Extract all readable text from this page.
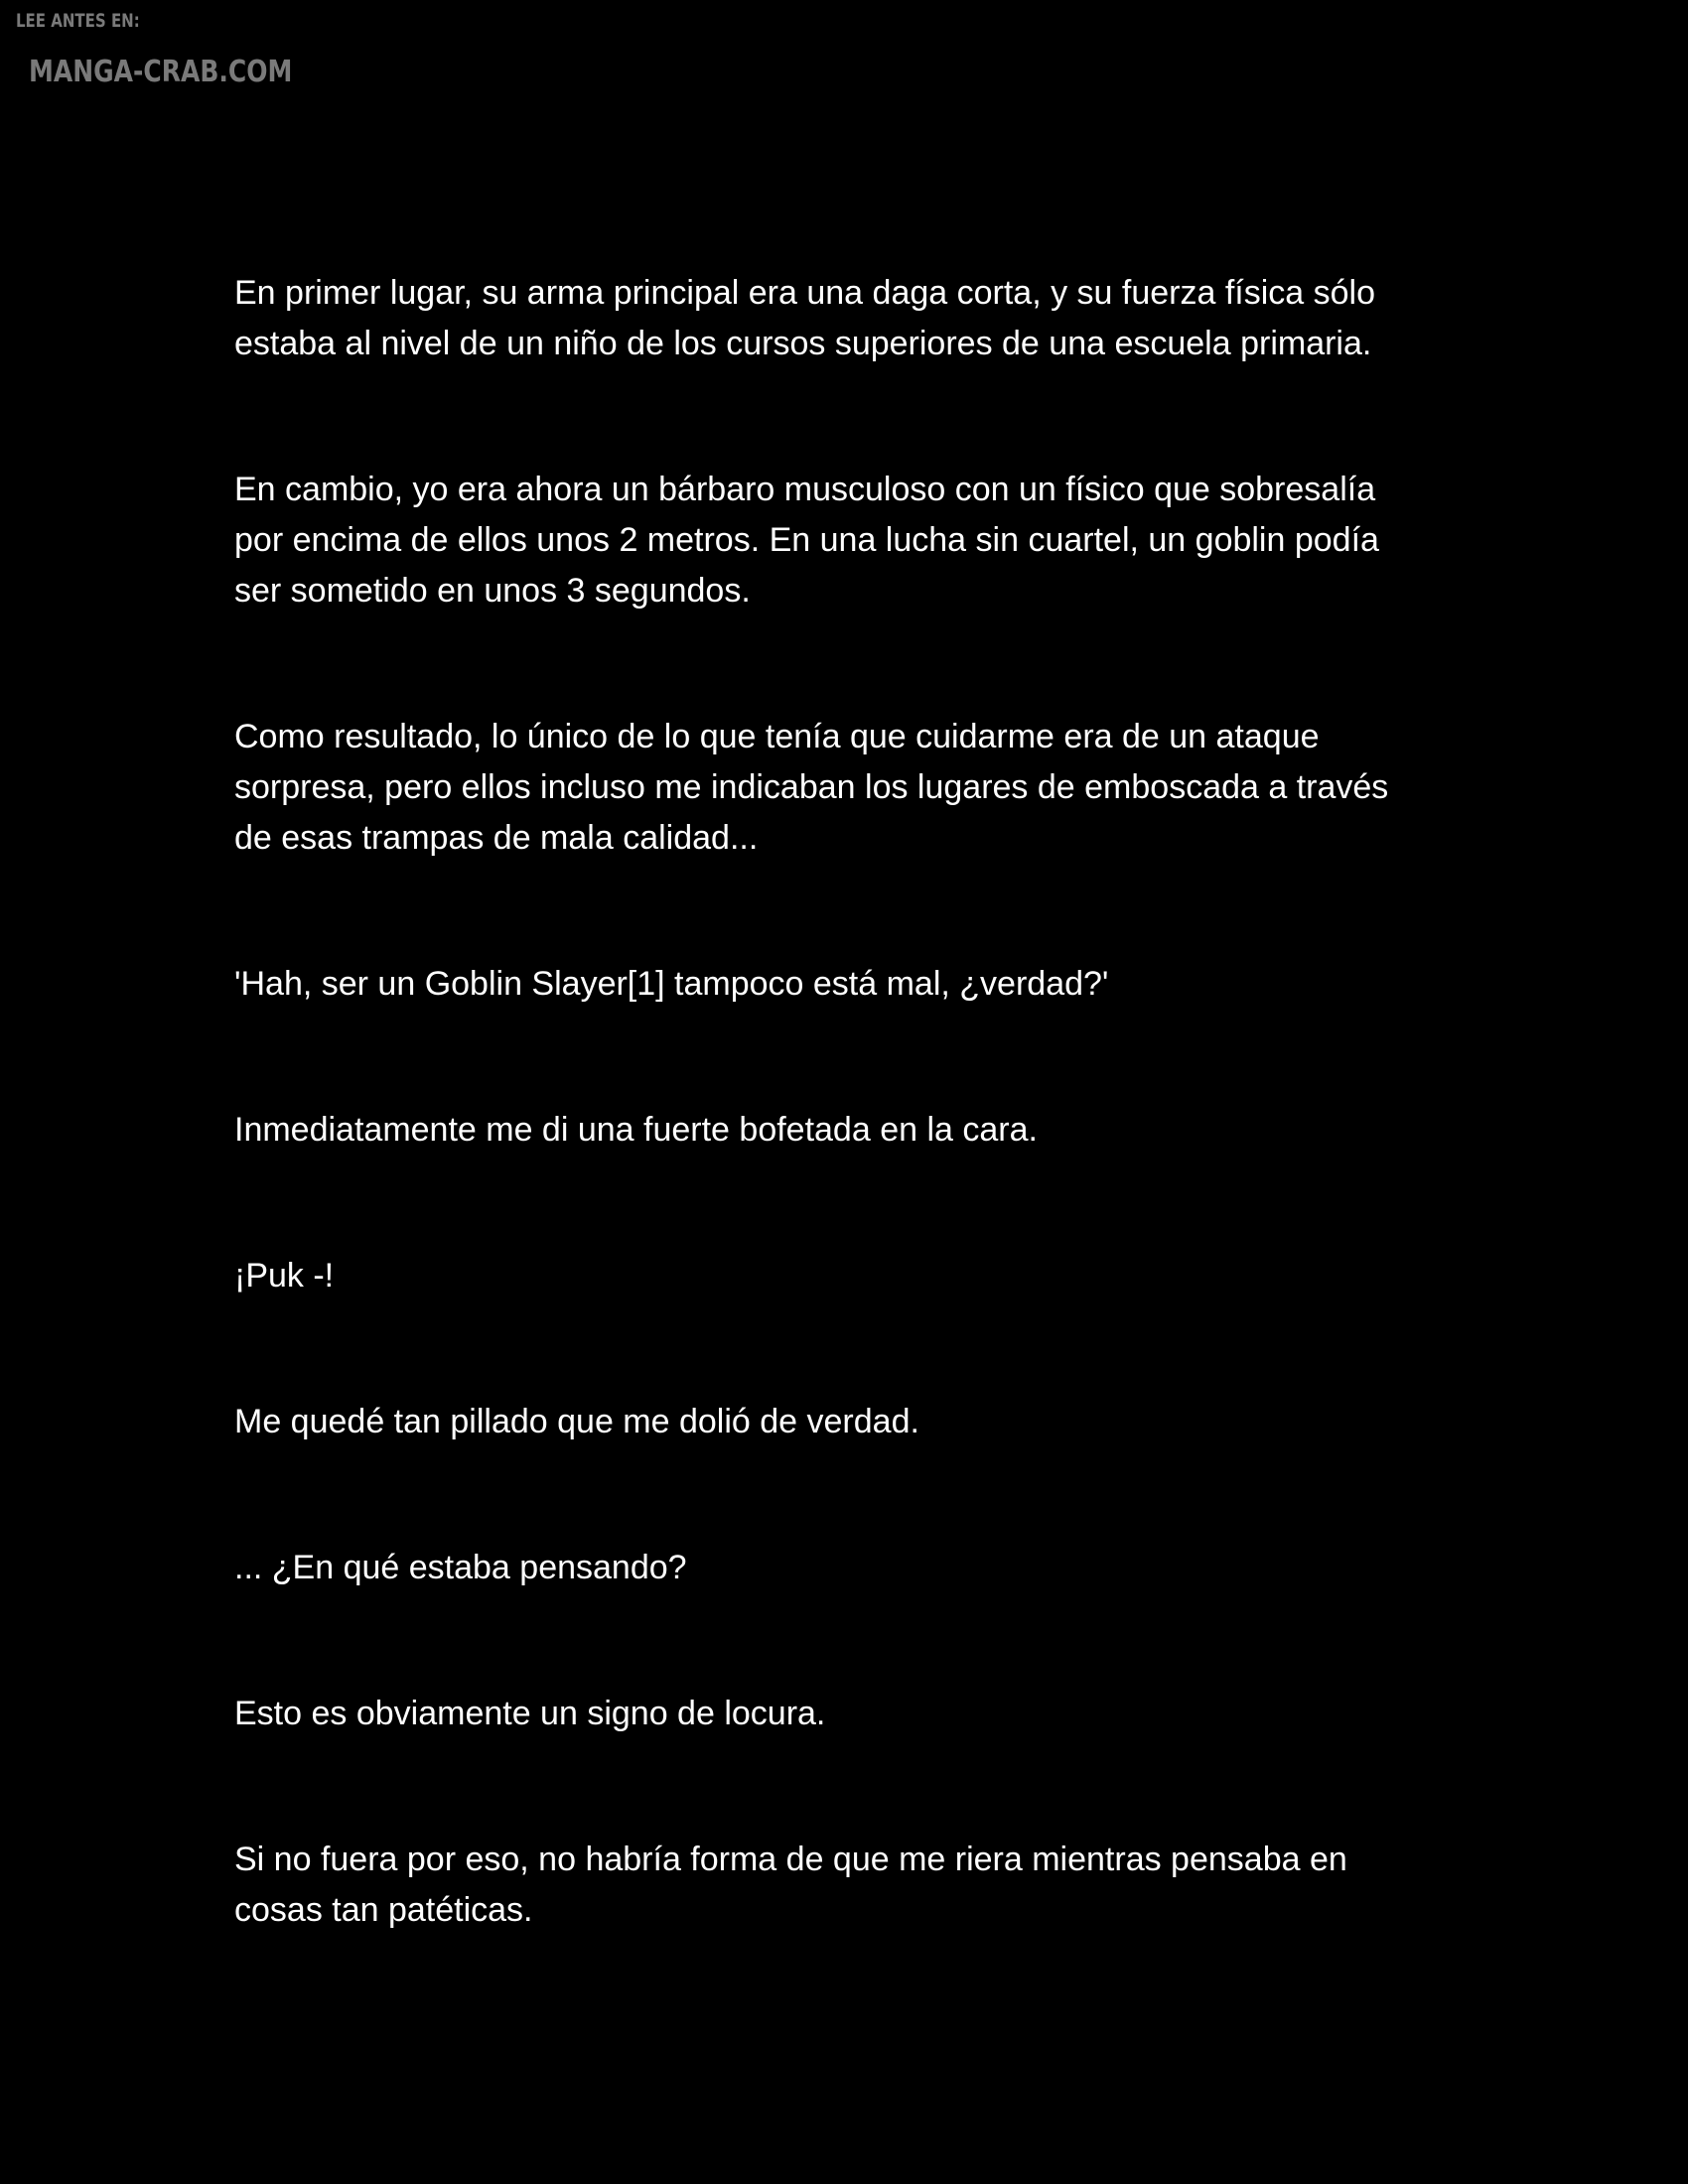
LEE ANTES EN:
MANGA-CRAB.COM

En primer lugar, su arma principal era una daga corta, y su fuerza física sólo
estaba al nivel de un niño de los cursos superiores de una escuela primaria.

En cambio, yo era ahora un bárbaro musculoso con un físico que sobresalía
por encima de ellos unos 2 metros. En una lucha sin cuartel, un goblin podía
ser sometido en unos 3 segundos.

Como resultado, lo único de lo que tenía que cuidarme era de un ataque
sorpresa, pero ellos incluso me indicaban los lugares de emboscada a través
de esas trampas de mala calidad...

'Hah, ser un Goblin Slayer[1] tampoco está mal, ¿verdad?'

Inmediatamente me di una fuerte bofetada en la cara.

¡Puk -!

Me quedé tan pillado que me dolió de verdad.

... ¿En qué estaba pensando?

Esto es obviamente un signo de locura.

Si no fuera por eso, no habría forma de que me riera mientras pensaba en
cosas tan patéticas.
